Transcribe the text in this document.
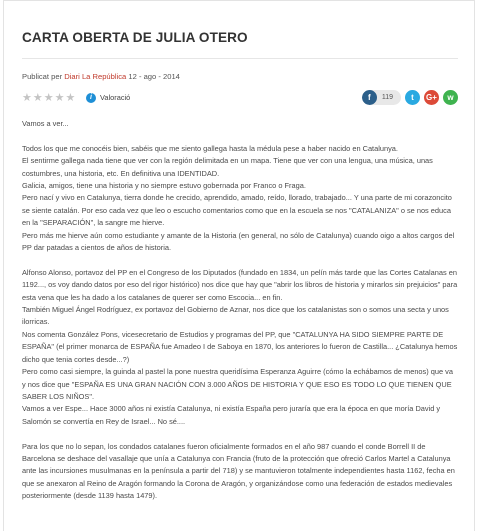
CARTA OBERTA DE JULIA OTERO
Publicat per Diari La República 12 - ago - 2014
★ ★ ★ ★ ★	i	Valoració	f	119	t	G+	w

Vamos a ver...

Todos los que me conocéis bien, sabéis que me siento gallega hasta la médula pese a haber nacido en Catalunya.

El sentirme gallega nada tiene que ver con la región delimitada en un mapa. Tiene que ver con una lengua, una música, unas costumbres, una historia, etc. En definitiva una IDENTIDAD.

Galicia, amigos, tiene una historia y no siempre estuvo gobernada por Franco o Fraga.

Pero nací y vivo en Catalunya, tierra donde he crecido, aprendido, amado, reído, llorado, trabajado... Y una parte de mi corazoncito se siente catalán. Por eso cada vez que leo o escucho comentarios como que en la escuela se nos "CATALANIZA" o se nos educa en la "SEPARACIÓN", la sangre me hierve.

Pero más me hierve aún como estudiante y amante de la Historia (en general, no sólo de Catalunya) cuando oigo a altos cargos del PP dar patadas a cientos de años de historia.

Alfonso Alonso, portavoz del PP en el Congreso de los Diputados (fundado en 1834, un pelín más tarde que las Cortes Catalanas en 1192..., os voy dando datos por eso del rigor histórico) nos dice que hay que "abrir los libros de historia y mirarlos sin prejuicios" para esta vena que les ha dado a los catalanes de querer ser como Escocia... en fin.

También Miguel Ángel Rodríguez, ex portavoz del Gobierno de Aznar, nos dice que los catalanistas son o somos una secta y unos ilorricas.

Nos comenta González Pons, vicesecretario de Estudios y programas del PP, que "CATALUNYA HA SIDO SIEMPRE PARTE DE ESPAÑA" (el primer monarca de ESPAÑA fue Amadeo I de Saboya en 1870, los anteriores lo fueron de Castilla... ¿Catalunya hemos dicho que tenia cortes desde...?)

Pero como casi siempre, la guinda al pastel la pone nuestra queridísima Esperanza Aguirre (cómo la echábamos de menos) que va y nos dice que "ESPAÑA ES UNA GRAN NACIÓN CON 3.000 AÑOS DE HISTORIA Y QUE ESO ES TODO LO QUE TIENEN QUE SABER LOS NIÑOS".

Vamos a ver Espe... Hace 3000 años ni existía Catalunya, ni existía España pero juraría que era la época en que moría David y Salomón se convertía en Rey de Israel... No sé....

Para los que no lo sepan, los condados catalanes fueron oficialmente formados en el año 987 cuando el conde Borrell II de Barcelona se deshace del vasallaje que unía a Catalunya con Francia (fruto de la protección que ofreció Carlos Martel a Catalunya ante las incursiones musulmanas en la península a partir del 718) y se mantuvieron totalmente independientes hasta 1162, fecha en que se anexaron al Reino de Aragón formando la Corona de Aragón, y organizándose como una federación de estados medievales posteriormente (desde 1139 hasta 1479).
